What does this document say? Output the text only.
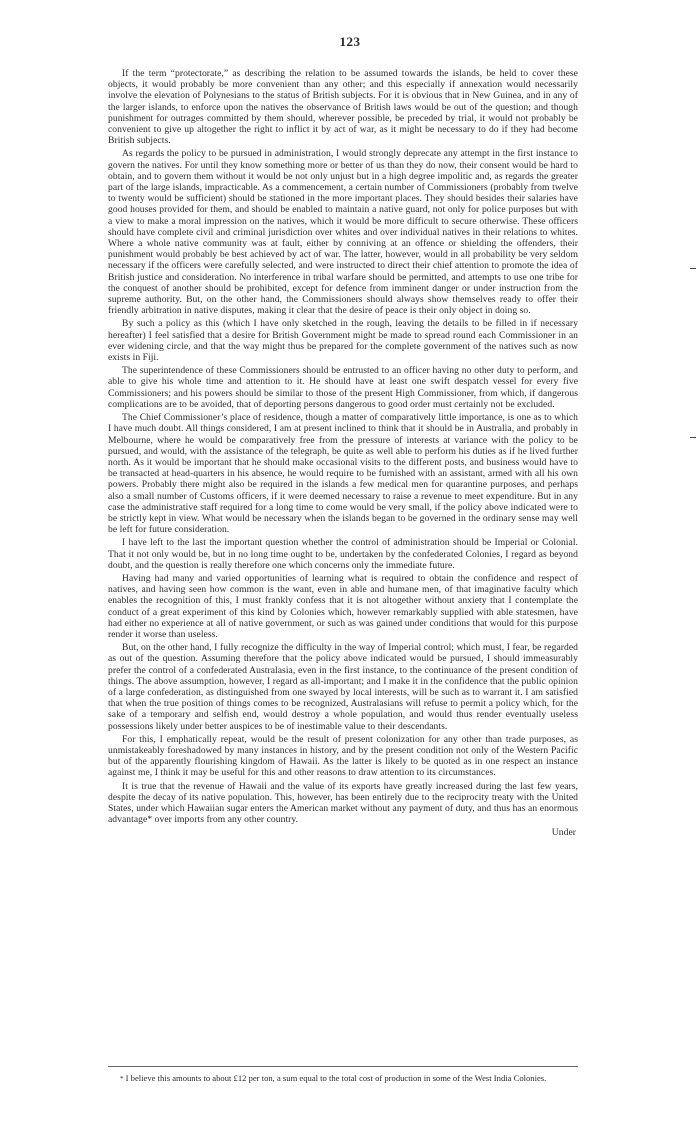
123

If the term “protectorate,” as describing the relation to be assumed towards the islands, be held to cover these objects, it would probably be more convenient than any other; and this especially if annexation would necessarily involve the elevation of Polynesians to the status of British subjects. For it is obvious that in New Guinea, and in any of the larger islands, to enforce upon the natives the observance of British laws would be out of the question; and though punishment for outrages committed by them should, wherever possible, be preceded by trial, it would not probably be convenient to give up altogether the right to inflict it by act of war, as it might be necessary to do if they had become British subjects.

As regards the policy to be pursued in administration, I would strongly deprecate any attempt in the first instance to govern the natives. For until they know something more or better of us than they do now, their consent would be hard to obtain, and to govern them without it would be not only unjust but in a high degree impolitic and, as regards the greater part of the large islands, impracticable. As a commencement, a certain number of Commissioners (probably from twelve to twenty would be sufficient) should be stationed in the more important places. They should besides their salaries have good houses provided for them, and should be enabled to maintain a native guard, not only for police purposes but with a view to make a moral impression on the natives, which it would be more difficult to secure otherwise. These officers should have complete civil and criminal jurisdiction over whites and over individual natives in their relations to whites. Where a whole native community was at fault, either by conniving at an offence or shielding the offenders, their punishment would probably be best achieved by act of war. The latter, however, would in all probability be very seldom necessary if the officers were carefully selected, and were instructed to direct their chief attention to promote the idea of British justice and consideration. No interference in tribal warfare should be permitted, and attempts to use one tribe for the conquest of another should be prohibited, except for defence from imminent danger or under instruction from the supreme authority. But, on the other hand, the Commissioners should always show themselves ready to offer their friendly arbitration in native disputes, making it clear that the desire of peace is their only object in doing so.

By such a policy as this (which I have only sketched in the rough, leaving the details to be filled in if necessary hereafter) I feel satisfied that a desire for British Government might be made to spread round each Commissioner in an ever widening circle, and that the way might thus be prepared for the complete government of the natives such as now exists in Fiji.

The superintendence of these Commissioners should be entrusted to an officer having no other duty to perform, and able to give his whole time and attention to it. He should have at least one swift despatch vessel for every five Commissioners; and his powers should be similar to those of the present High Commissioner, from which, if dangerous complications are to be avoided, that of deporting persons dangerous to good order must certainly not be excluded.

The Chief Commissioner’s place of residence, though a matter of comparatively little importance, is one as to which I have much doubt. All things considered, I am at present inclined to think that it should be in Australia, and probably in Melbourne, where he would be comparatively free from the pressure of interests at variance with the policy to be pursued, and would, with the assistance of the telegraph, be quite as well able to perform his duties as if he lived further north. As it would be important that he should make occasional visits to the different posts, and business would have to be transacted at head-quarters in his absence, he would require to be furnished with an assistant, armed with all his own powers. Probably there might also be required in the islands a few medical men for quarantine purposes, and perhaps also a small number of Customs officers, if it were deemed necessary to raise a revenue to meet expenditure. But in any case the administrative staff required for a long time to come would be very small, if the policy above indicated were to be strictly kept in view. What would be necessary when the islands began to be governed in the ordinary sense may well be left for future consideration.

I have left to the last the important question whether the control of administration should be Imperial or Colonial. That it not only would be, but in no long time ought to be, undertaken by the confederated Colonies, I regard as beyond doubt, and the question is really therefore one which concerns only the immediate future.

Having had many and varied opportunities of learning what is required to obtain the confidence and respect of natives, and having seen how common is the want, even in able and humane men, of that imaginative faculty which enables the recognition of this, I must frankly confess that it is not altogether without anxiety that I contemplate the conduct of a great experiment of this kind by Colonies which, however remarkably supplied with able statesmen, have had either no experience at all of native government, or such as was gained under conditions that would for this purpose render it worse than useless.

But, on the other hand, I fully recognize the difficulty in the way of Imperial control; which must, I fear, be regarded as out of the question. Assuming therefore that the policy above indicated would be pursued, I should immeasurably prefer the control of a confederated Australasia, even in the first instance, to the continuance of the present condition of things. The above assumption, however, I regard as all-important; and I make it in the confidence that the public opinion of a large confederation, as distinguished from one swayed by local interests, will be such as to warrant it. I am satisfied that when the true position of things comes to be recognized, Australasians will refuse to permit a policy which, for the sake of a temporary and selfish end, would destroy a whole population, and would thus render eventually useless possessions likely under better auspices to be of inestimable value to their descendants.

For this, I emphatically repeat, would be the result of present colonization for any other than trade purposes, as unmistakeably foreshadowed by many instances in history, and by the present condition not only of the Western Pacific but of the apparently flourishing kingdom of Hawaii. As the latter is likely to be quoted as in one respect an instance against me, I think it may be useful for this and other reasons to draw attention to its circumstances.

It is true that the revenue of Hawaii and the value of its exports have greatly increased during the last few years, despite the decay of its native population. This, however, has been entirely due to the reciprocity treaty with the United States, under which Hawaiian sugar enters the American market without any payment of duty, and thus has an enormous advantage* over imports from any other country.

Under

* I believe this amounts to about £12 per ton, a sum equal to the total cost of production in some of the West India Colonies.
